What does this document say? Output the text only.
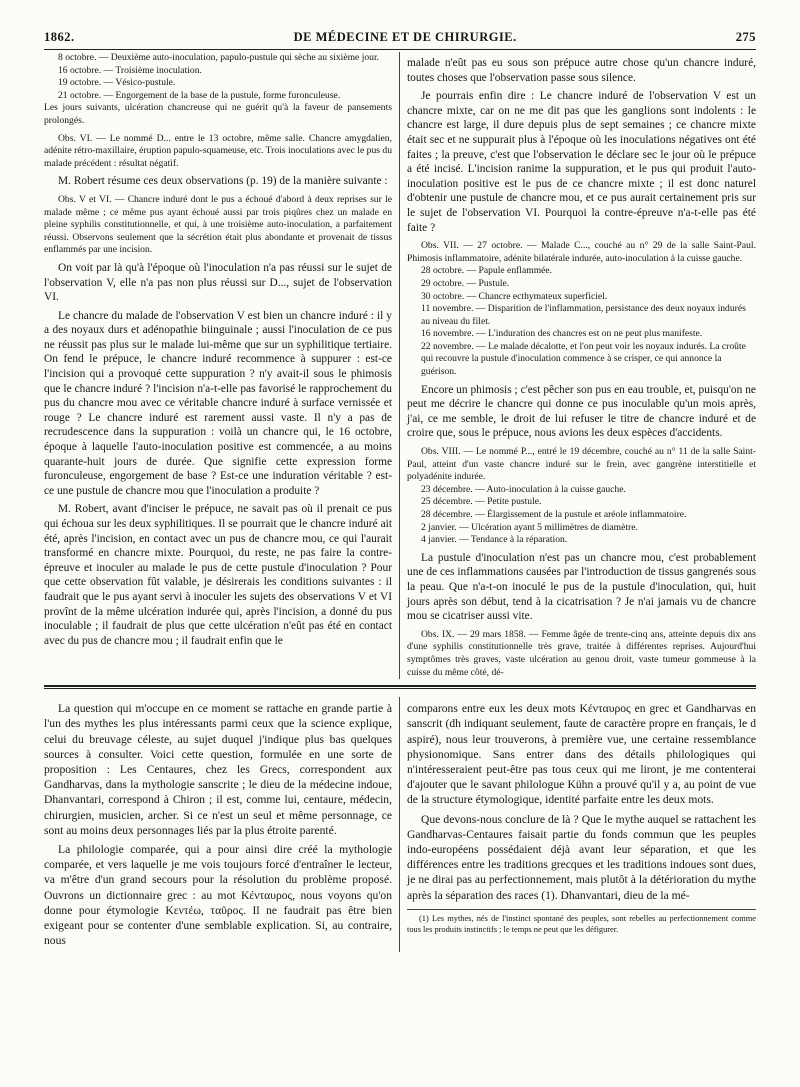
1862.	DE MÉDECINE ET DE CHIRURGIE.	275

8 octobre. — Deuxième auto-inoculation, papulo-pustule qui sèche au sixième jour.

16 octobre. — Troisième inoculation.

19 octobre. — Vésico-pustule.

21 octobre. — Engorgement de la base de la pustule, forme furonculeuse.

Les jours suivants, ulcération chancreuse qui ne guérit qu'à la faveur de pansements prolongés.

Obs. VI. — Le nommé D... entre le 13 octobre, même salle. Chancre amygdalien, adénite rétro-maxillaire, éruption papulo-squameuse, etc. Trois inoculations avec le pus du malade précédent : résultat négatif.

M. Robert résume ces deux observations (p. 19) de la manière suivante :

Obs. V et VI. — Chancre induré dont le pus a échoué d'abord à deux reprises sur le malade même ; ce même pus ayant échoué aussi par trois piqûres chez un malade en pleine syphilis constitutionnelle, et qui, à une troisième auto-inoculation, a parfaitement réussi. Observons seulement que la sécrétion était plus abondante et provenait de tissus enflammés par une incision.

On voit par là qu'à l'époque où l'inoculation n'a pas réussi sur le sujet de l'observation V, elle n'a pas non plus réussi sur D..., sujet de l'observation VI.

Le chancre du malade de l'observation V est bien un chancre induré : il y a des noyaux durs et adénopathie biinguinale ; aussi l'inoculation de ce pus ne réussit pas plus sur le malade lui-même que sur un syphilitique tertiaire. On fend le prépuce, le chancre induré recommence à suppurer : est-ce l'incision qui a provoqué cette suppuration ? n'y avait-il sous le phimosis que le chancre induré ? l'incision n'a-t-elle pas favorisé le rapprochement du pus du chancre mou avec ce véritable chancre induré à surface vernissée et rouge ? Le chancre induré est rarement aussi vaste. Il n'y a pas de recrudescence dans la suppuration : voilà un chancre qui, le 16 octobre, époque à laquelle l'auto-inoculation positive est commencée, a au moins quarante-huit jours de durée. Que signifie cette expression forme furonculeuse, engorgement de base ? Est-ce une induration véritable ? est-ce une pustule de chancre mou que l'inoculation a produite ?

M. Robert, avant d'inciser le prépuce, ne savait pas où il prenait ce pus qui échoua sur les deux syphilitiques. Il se pourrait que le chancre induré ait été, après l'incision, en contact avec un pus de chancre mou, ce qui l'aurait transformé en chancre mixte. Pourquoi, du reste, ne pas faire la contre-épreuve et inoculer au malade le pus de cette pustule d'inoculation ? Pour que cette observation fût valable, je désirerais les conditions suivantes : il faudrait que le pus ayant servi à inoculer les sujets des observations V et VI provînt de la même ulcération indurée qui, après l'incision, a donné du pus inoculable ; il faudrait de plus que cette ulcération n'eût pas été en contact avec du pus de chancre mou ; il faudrait enfin que le

malade n'eût pas eu sous son prépuce autre chose qu'un chancre induré, toutes choses que l'observation passe sous silence.

Je pourrais enfin dire : Le chancre induré de l'observation V est un chancre mixte, car on ne me dit pas que les ganglions sont indolents : le chancre est large, il dure depuis plus de sept semaines ; ce chancre mixte était sec et ne suppurait plus à l'époque où les inoculations négatives ont été faites ; la preuve, c'est que l'observation le déclare sec le jour où le prépuce a été incisé. L'incision ranime la suppuration, et le pus qui produit l'auto-inoculation positive est le pus de ce chancre mixte ; il est donc naturel d'obtenir une pustule de chancre mou, et ce pus aurait certainement pris sur le sujet de l'observation VI. Pourquoi la contre-épreuve n'a-t-elle pas été faite ?

Obs. VII. — 27 octobre. — Malade C..., couché au n° 29 de la salle Saint-Paul. Phimosis inflammatoire, adénite bilatérale indurée, auto-inoculation à la cuisse gauche.

28 octobre. — Papule enflammée.

29 octobre. — Pustule.

30 octobre. — Chancre ecthymateux superficiel.

11 novembre. — Disparition de l'inflammation, persistance des deux noyaux indurés au niveau du filet.

16 novembre. — L'induration des chancres est on ne peut plus manifeste.

22 novembre. — Le malade décalotte, et l'on peut voir les noyaux indurés. La croûte qui recouvre la pustule d'inoculation commence à se crisper, ce qui annonce la guérison.

Encore un phimosis ; c'est pêcher son pus en eau trouble, et, puisqu'on ne peut me décrire le chancre qui donne ce pus inoculable qu'un mois après, j'ai, ce me semble, le droit de lui refuser le titre de chancre induré et de croire que, sous le prépuce, nous avions les deux espèces d'accidents.

Obs. VIII. — Le nommé P..., entré le 19 décembre, couché au n° 11 de la salle Saint-Paul, atteint d'un vaste chancre induré sur le frein, avec gangrène interstitielle et polyadénite indurée.

23 décembre. — Auto-inoculation à la cuisse gauche.

25 décembre. — Petite pustule.

28 décembre. — Élargissement de la pustule et aréole inflammatoire.

2 janvier. — Ulcération ayant 5 millimètres de diamètre.

4 janvier. — Tendance à la réparation.

La pustule d'inoculation n'est pas un chancre mou, c'est probablement une de ces inflammations causées par l'introduction de tissus gangrenés sous la peau. Que n'a-t-on inoculé le pus de la pustule d'inoculation, qui, huit jours après son début, tend à la cicatrisation ? Je n'ai jamais vu de chancre mou se cicatriser aussi vite.

Obs. IX. — 29 mars 1858. — Femme âgée de trente-cinq ans, atteinte depuis dix ans d'une syphilis constitutionnelle très grave, traitée à différentes reprises. Aujourd'hui symptômes très graves, vaste ulcération au genou droit, vaste tumeur gommeuse à la cuisse du même côté, dé-

La question qui m'occupe en ce moment se rattache en grande partie à l'un des mythes les plus intéressants parmi ceux que la science explique, celui du breuvage céleste, au sujet duquel j'indique plus bas quelques sources à consulter. Voici cette question, formulée en une sorte de proposition : Les Centaures, chez les Grecs, correspondent aux Gandharvas, dans la mythologie sanscrite ; le dieu de la médecine indoue, Dhanvantari, correspond à Chiron ; il est, comme lui, centaure, médecin, chirurgien, musicien, archer. Si ce n'est un seul et même personnage, ce sont au moins deux personnages liés par la plus étroite parenté.

La philologie comparée, qui a pour ainsi dire créé la mythologie comparée, et vers laquelle je me vois toujours forcé d'entraîner le lecteur, va m'être d'un grand secours pour la résolution du problème proposé. Ouvrons un dictionnaire grec : au mot Κένταυρος, nous voyons qu'on donne pour étymologie Κεντέω, ταῦρος. Il ne faudrait pas être bien exigeant pour se contenter d'une semblable explication. Si, au contraire, nous

comparons entre eux les deux mots Κένταυρος en grec et Gandharvas en sanscrit (dh indiquant seulement, faute de caractère propre en français, le d aspiré), nous leur trouverons, à première vue, une certaine ressemblance physionomique. Sans entrer dans des détails philologiques qui n'intéresseraient peut-être pas tous ceux qui me liront, je me contenterai d'ajouter que le savant philologue Kühn a prouvé qu'il y a, au point de vue de la structure étymologique, identité parfaite entre les deux mots.

Que devons-nous conclure de là ? Que le mythe auquel se rattachent les Gandharvas-Centaures faisait partie du fonds commun que les peuples indo-européens possédaient déjà avant leur séparation, et que les différences entre les traditions grecques et les traditions indoues sont dues, je ne dirai pas au perfectionnement, mais plutôt à la détérioration du mythe après la séparation des races (1). Dhanvantari, dieu de la mé-

(1) Les mythes, nés de l'instinct spontané des peuples, sont rebelles au perfectionnement comme tous les produits instinctifs ; le temps ne peut que les défigurer.
